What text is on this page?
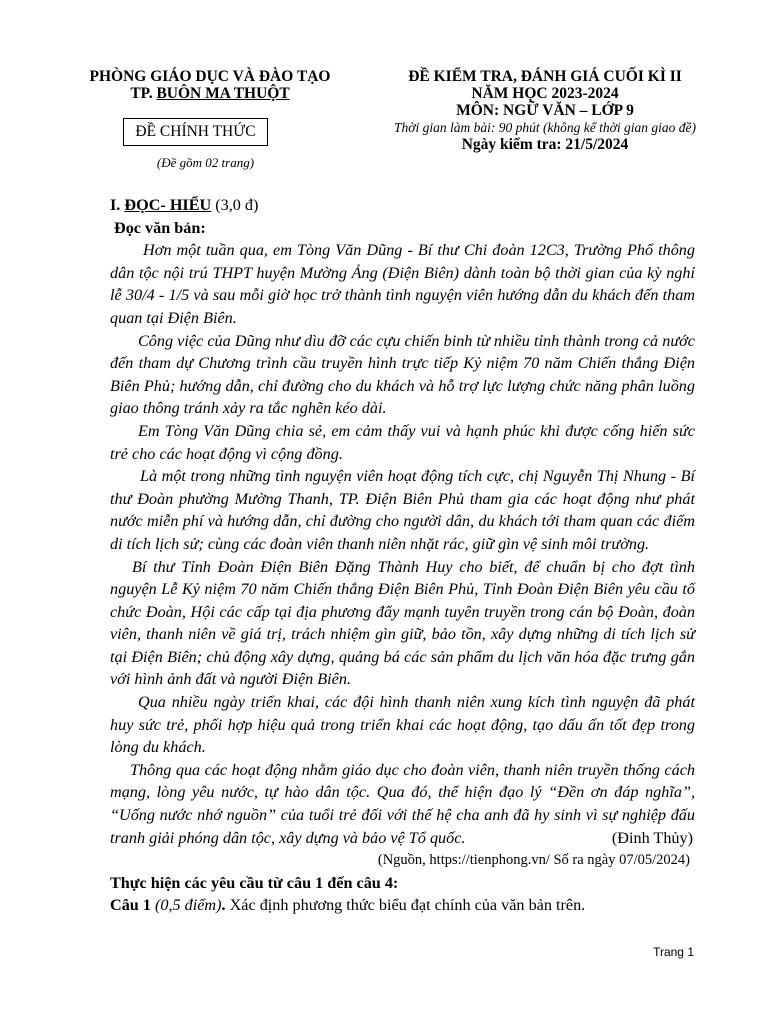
PHÒNG GIÁO DỤC VÀ ĐÀO TẠO
TP. BUÔN MA THUỘT
ĐỀ CHÍNH THỨC
(Đề gồm 02 trang)
ĐỀ KIỂM TRA, ĐÁNH GIÁ CUỐI KÌ II
NĂM HỌC 2023-2024
MÔN: NGỮ VĂN – LỚP 9
Thời gian làm bài: 90 phút (không kể thời gian giao đề)
Ngày kiểm tra: 21/5/2024

I. ĐỌC- HIỂU (3,0 đ)

Đọc văn bản:

Hơn một tuần qua, em Tòng Văn Dũng - Bí thư Chi đoàn 12C3, Trường Phổ thông dân tộc nội trú THPT huyện Mường Ảng (Điện Biên) dành toàn bộ thời gian của kỳ nghỉ lễ 30/4 - 1/5 và sau mỗi giờ học trở thành tình nguyện viên hướng dẫn du khách đến tham quan tại Điện Biên.

Công việc của Dũng như dìu đỡ các cựu chiến binh từ nhiều tỉnh thành trong cả nước đến tham dự Chương trình cầu truyền hình trực tiếp Kỷ niệm 70 năm Chiến thắng Điện Biên Phủ; hướng dẫn, chỉ đường cho du khách và hỗ trợ lực lượng chức năng phân luồng giao thông tránh xảy ra tắc nghẽn kéo dài.

Em Tòng Văn Dũng chia sẻ, em cảm thấy vui và hạnh phúc khi được cống hiến sức trẻ cho các hoạt động vì cộng đồng.

Là một trong những tình nguyện viên hoạt động tích cực, chị Nguyễn Thị Nhung - Bí thư Đoàn phường Mường Thanh, TP. Điện Biên Phủ tham gia các hoạt động như phát nước miễn phí và hướng dẫn, chỉ đường cho người dân, du khách tới tham quan các điểm di tích lịch sử; cùng các đoàn viên thanh niên nhặt rác, giữ gìn vệ sinh môi trường.

Bí thư Tỉnh Đoàn Điện Biên Đặng Thành Huy cho biết, để chuẩn bị cho đợt tình nguyện Lễ Kỷ niệm 70 năm Chiến thắng Điện Biên Phủ, Tỉnh Đoàn Điện Biên yêu cầu tổ chức Đoàn, Hội các cấp tại địa phương đẩy mạnh tuyên truyền trong cán bộ Đoàn, đoàn viên, thanh niên về giá trị, trách nhiệm gìn giữ, bảo tồn, xây dựng những di tích lịch sử tại Điện Biên; chủ động xây dựng, quảng bá các sản phẩm du lịch văn hóa đặc trưng gắn với hình ảnh đất và người Điện Biên.

Qua nhiều ngày triển khai, các đội hình thanh niên xung kích tình nguyện đã phát huy sức trẻ, phối hợp hiệu quả trong triển khai các hoạt động, tạo dấu ấn tốt đẹp trong lòng du khách.

Thông qua các hoạt động nhằm giáo dục cho đoàn viên, thanh niên truyền thống cách mạng, lòng yêu nước, tự hào dân tộc. Qua đó, thể hiện đạo lý “Đền ơn đáp nghĩa”, “Uống nước nhớ nguồn” của tuổi trẻ đối với thế hệ cha anh đã hy sinh vì sự nghiệp đấu tranh giải phóng dân tộc, xây dựng và bảo vệ Tổ quốc.	(Đinh Thủy)

(Nguồn, https://tienphong.vn/ Số ra ngày 07/05/2024)

Thực hiện các yêu cầu từ câu 1 đến câu 4:

Câu 1 (0,5 điểm). Xác định phương thức biểu đạt chính của văn bản trên.

Trang 1
